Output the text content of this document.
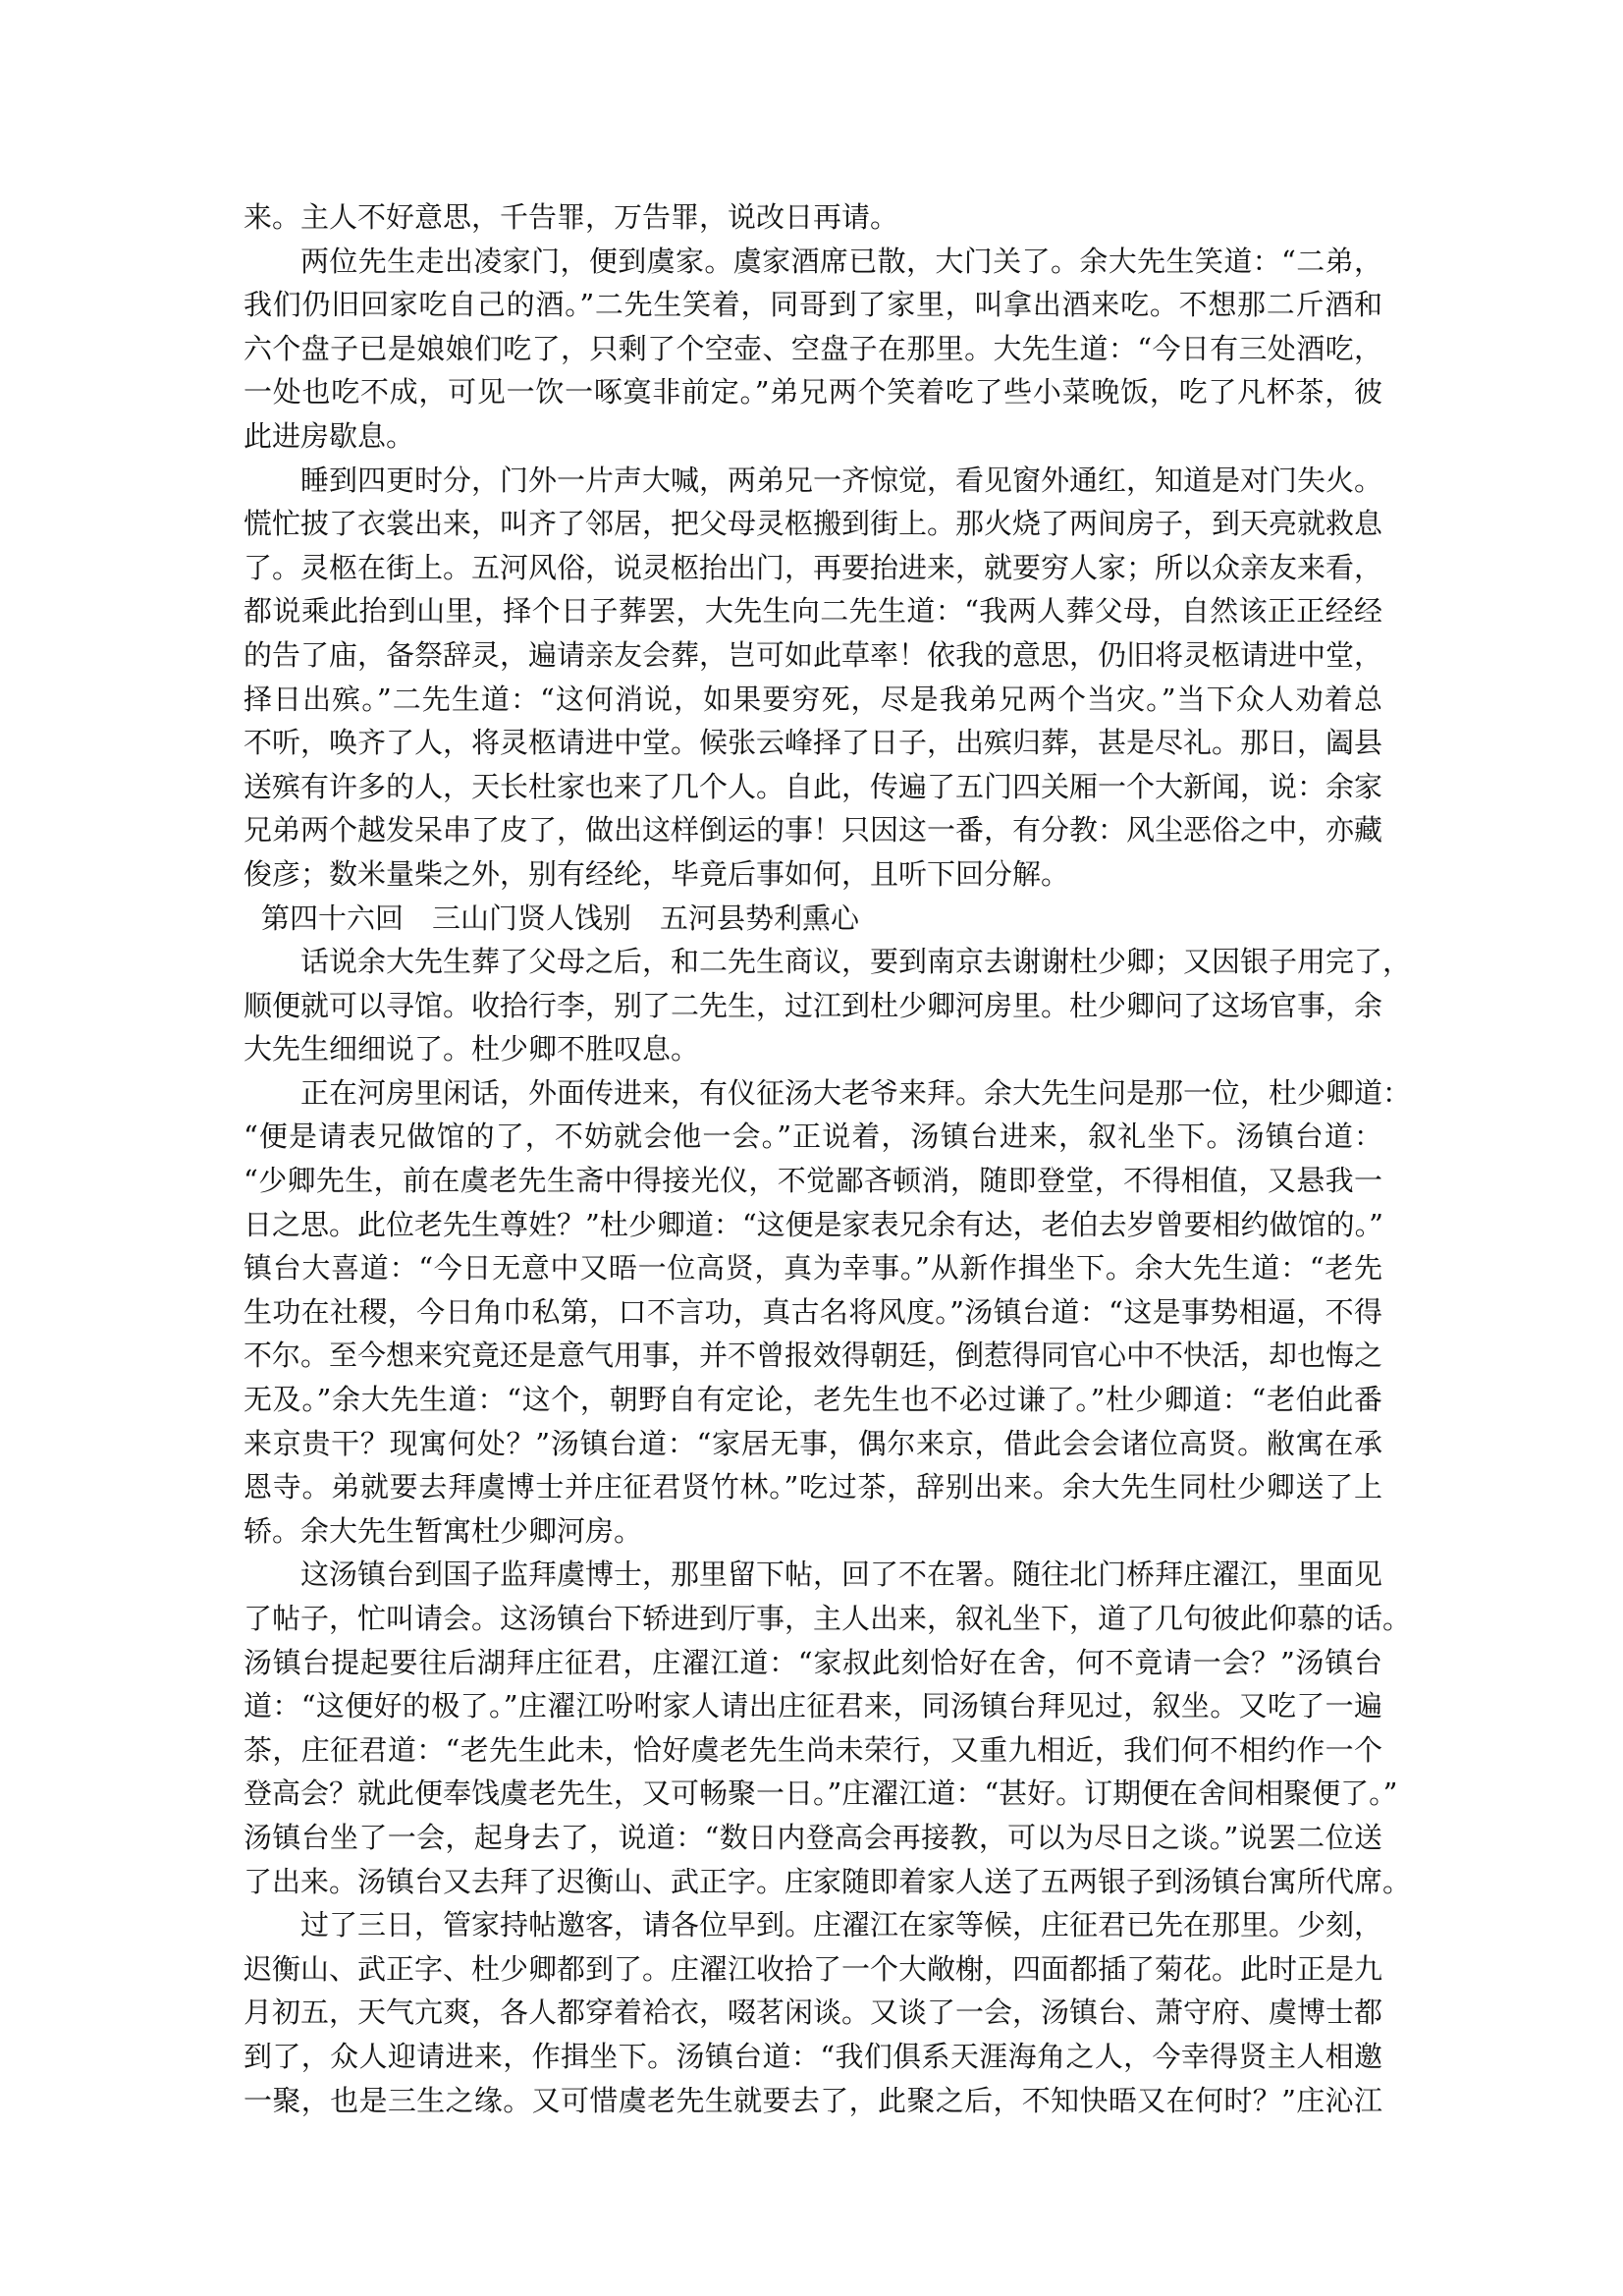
来。主人不好意思，千告罪，万告罪，说改日再请。
两位先生走出凌家门，便到虞家。虞家酒席已散，大门关了。余大先生笑道：“二弟，
我们仍旧回家吃自己的酒。”二先生笑着，同哥到了家里，叫拿出酒来吃。不想那二斤酒和
六个盘子已是娘娘们吃了，只剩了个空壶、空盘子在那里。大先生道：“今日有三处酒吃，
一处也吃不成，可见一饮一啄寞非前定。”弟兄两个笑着吃了些小菜晚饭，吃了凡杯茶，彼
此进房歇息。
睡到四更时分，门外一片声大喊，两弟兄一齐惊觉，看见窗外通红，知道是对门失火。
慌忙披了衣裳出来，叫齐了邻居，把父母灵柩搬到街上。那火烧了两间房子，到天亮就救息
了。灵柩在街上。五河风俗，说灵柩抬出门，再要抬进来，就要穷人家；所以众亲友来看，
都说乘此抬到山里，择个日子葬罢，大先生向二先生道：“我两人葬父母，自然该正正经经
的告了庙，备祭辞灵，遍请亲友会葬，岂可如此草率！依我的意思，仍旧将灵柩请进中堂，
择日出殡。”二先生道：“这何消说，如果要穷死，尽是我弟兄两个当灾。”当下众人劝着总
不听，唤齐了人，将灵柩请进中堂。候张云峰择了日子，出殡归葬，甚是尽礼。那日，阖县
送殡有许多的人，天长杜家也来了几个人。自此，传遍了五门四关厢一个大新闻，说：余家
兄弟两个越发呆串了皮了，做出这样倒运的事！只因这一番，有分教：风尘恶俗之中，亦藏
俊彦；数米量柴之外，别有经纶，毕竟后事如何，且听下回分解。
第四十六回　三山门贤人饯别　五河县势利熏心
话说余大先生葬了父母之后，和二先生商议，要到南京去谢谢杜少卿；又因银子用完了，
顺便就可以寻馆。收拾行李，别了二先生，过江到杜少卿河房里。杜少卿问了这场官事，余
大先生细细说了。杜少卿不胜叹息。
正在河房里闲话，外面传进来，有仪征汤大老爷来拜。余大先生问是那一位，杜少卿道：
“便是请表兄做馆的了，不妨就会他一会。”正说着，汤镇台进来，叙礼坐下。汤镇台道：
“少卿先生，前在虞老先生斋中得接光仪，不觉鄙吝顿消，随即登堂，不得相值，又悬我一
日之思。此位老先生尊姓？”杜少卿道：“这便是家表兄余有达，老伯去岁曾要相约做馆的。”
镇台大喜道：“今日无意中又晤一位高贤，真为幸事。”从新作揖坐下。余大先生道：“老先
生功在社稷，今日角巾私第，口不言功，真古名将风度。”汤镇台道：“这是事势相逼，不得
不尔。至今想来究竟还是意气用事，并不曾报效得朝廷，倒惹得同官心中不快活，却也悔之
无及。”余大先生道：“这个，朝野自有定论，老先生也不必过谦了。”杜少卿道：“老伯此番
来京贵干？现寓何处？”汤镇台道：“家居无事，偶尔来京，借此会会诸位高贤。敝寓在承
恩寺。弟就要去拜虞博士并庄征君贤竹林。”吃过茶，辞别出来。余大先生同杜少卿送了上
轿。余大先生暂寓杜少卿河房。
这汤镇台到国子监拜虞博士，那里留下帖，回了不在署。随往北门桥拜庄濯江，里面见
了帖子，忙叫请会。这汤镇台下轿进到厅事，主人出来，叙礼坐下，道了几句彼此仰慕的话。
汤镇台提起要往后湖拜庄征君，庄濯江道：“家叔此刻恰好在舍，何不竟请一会？”汤镇台
道：“这便好的极了。”庄濯江吩咐家人请出庄征君来，同汤镇台拜见过，叙坐。又吃了一遍
茶，庄征君道：“老先生此未，恰好虞老先生尚未荣行，又重九相近，我们何不相约作一个
登高会？就此便奉饯虞老先生，又可畅聚一日。”庄濯江道：“甚好。订期便在舍间相聚便了。”
汤镇台坐了一会，起身去了，说道：“数日内登高会再接教，可以为尽日之谈。”说罢二位送
了出来。汤镇台又去拜了迟衡山、武正字。庄家随即着家人送了五两银子到汤镇台寓所代席。
过了三日，管家持帖邀客，请各位早到。庄濯江在家等候，庄征君已先在那里。少刻，
迟衡山、武正字、杜少卿都到了。庄濯江收拾了一个大敞榭，四面都插了菊花。此时正是九
月初五，天气亢爽，各人都穿着袷衣，啜茗闲谈。又谈了一会，汤镇台、萧守府、虞博士都
到了，众人迎请进来，作揖坐下。汤镇台道：“我们俱系天涯海角之人，今幸得贤主人相邀
一聚，也是三生之缘。又可惜虞老先生就要去了，此聚之后，不知快晤又在何时？”庄沁江
